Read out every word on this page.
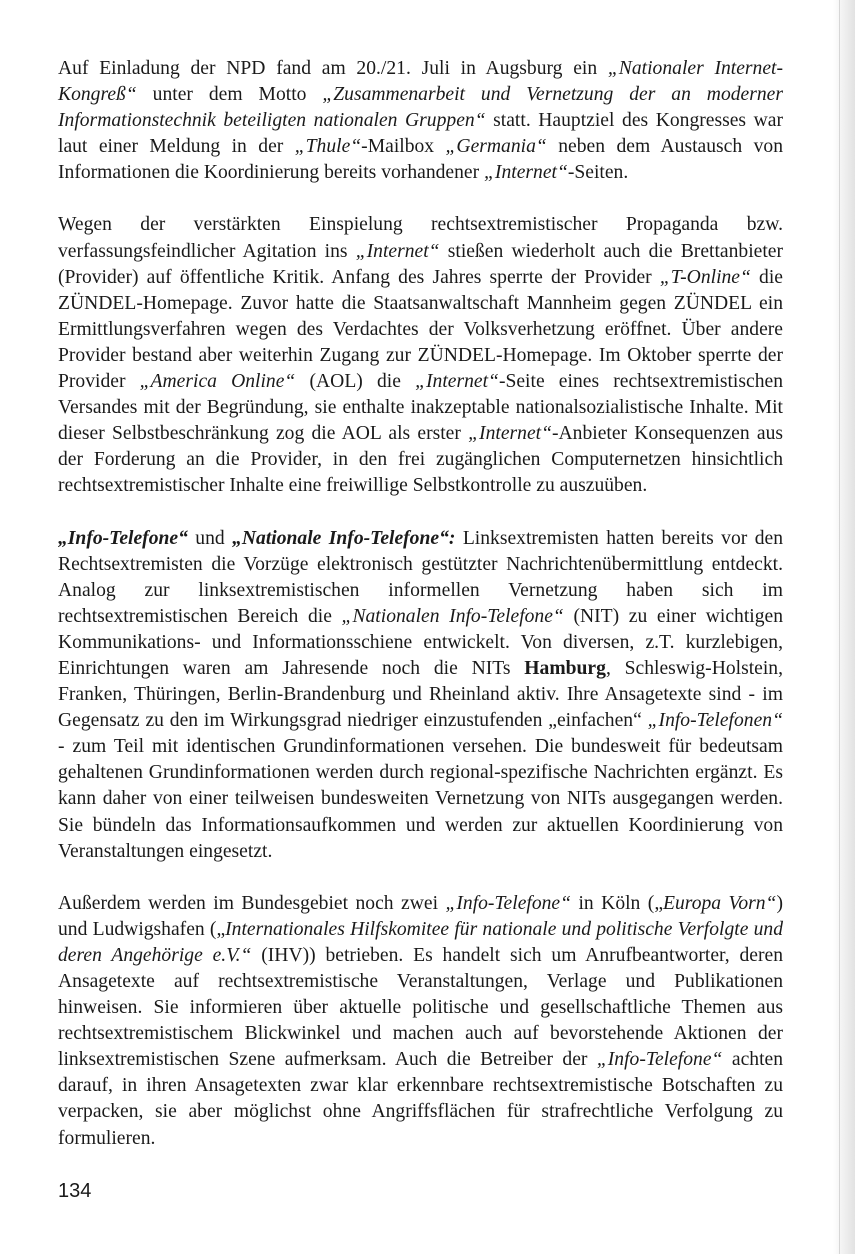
Auf Einladung der NPD fand am 20./21. Juli in Augsburg ein „Nationaler Internet-Kongreß“ unter dem Motto „Zusammenarbeit und Vernetzung der an moderner Informationstechnik beteiligten nationalen Gruppen“ statt. Hauptziel des Kongresses war laut einer Meldung in der „Thule“-Mailbox „Germania“ neben dem Austausch von Informationen die Koordinierung bereits vorhandener „Internet“-Seiten.

Wegen der verstärkten Einspielung rechtsextremistischer Propaganda bzw. verfassungsfeindlicher Agitation ins „Internet“ stießen wiederholt auch die Brettanbieter (Provider) auf öffentliche Kritik. Anfang des Jahres sperrte der Provider „T-Online“ die ZÜNDEL-Homepage. Zuvor hatte die Staatsanwaltschaft Mannheim gegen ZÜNDEL ein Ermittlungsverfahren wegen des Verdachtes der Volksverhetzung eröffnet. Über andere Provider bestand aber weiterhin Zugang zur ZÜNDEL-Homepage. Im Oktober sperrte der Provider „America Online“ (AOL) die „Internet“-Seite eines rechtsextremistischen Versandes mit der Begründung, sie enthalte inakzeptable nationalsozialistische Inhalte. Mit dieser Selbstbeschränkung zog die AOL als erster „Internet“-Anbieter Konsequenzen aus der Forderung an die Provider, in den frei zugänglichen Computernetzen hinsichtlich rechtsextremistischer Inhalte eine freiwillige Selbstkontrolle zu auszuüben.

„Info-Telefone“ und „Nationale Info-Telefone“: Linksextremisten hatten bereits vor den Rechtsextremisten die Vorzüge elektronisch gestützter Nachrichtenübermittlung entdeckt. Analog zur linksextremistischen informellen Vernetzung haben sich im rechtsextremistischen Bereich die „Nationalen Info-Telefone“ (NIT) zu einer wichtigen Kommunikations- und Informationsschiene entwickelt. Von diversen, z.T. kurzlebigen, Einrichtungen waren am Jahresende noch die NITs Hamburg, Schleswig-Holstein, Franken, Thüringen, Berlin-Brandenburg und Rheinland aktiv. Ihre Ansagetexte sind - im Gegensatz zu den im Wirkungsgrad niedriger einzustufenden „einfachen“ „Info-Telefonen“ - zum Teil mit identischen Grundinformationen versehen. Die bundesweit für bedeutsam gehaltenen Grundinformationen werden durch regional-spezifische Nachrichten ergänzt. Es kann daher von einer teilweisen bundesweiten Vernetzung von NITs ausgegangen werden. Sie bündeln das Informationsaufkommen und werden zur aktuellen Koordinierung von Veranstaltungen eingesetzt.

Außerdem werden im Bundesgebiet noch zwei „Info-Telefone“ in Köln („Europa Vorn“) und Ludwigshafen („Internationales Hilfskomitee für nationale und politische Verfolgte und deren Angehörige e.V.“ (IHV)) betrieben. Es handelt sich um Anrufbeantworter, deren Ansagetexte auf rechtsextremistische Veranstaltungen, Verlage und Publikationen hinweisen. Sie informieren über aktuelle politische und gesellschaftliche Themen aus rechtsextremistischem Blickwinkel und machen auch auf bevorstehende Aktionen der linksextremistischen Szene aufmerksam. Auch die Betreiber der „Info-Telefone“ achten darauf, in ihren Ansagetexten zwar klar erkennbare rechtsextremistische Botschaften zu verpacken, sie aber möglichst ohne Angriffsflächen für strafrechtliche Verfolgung zu formulieren.

134
